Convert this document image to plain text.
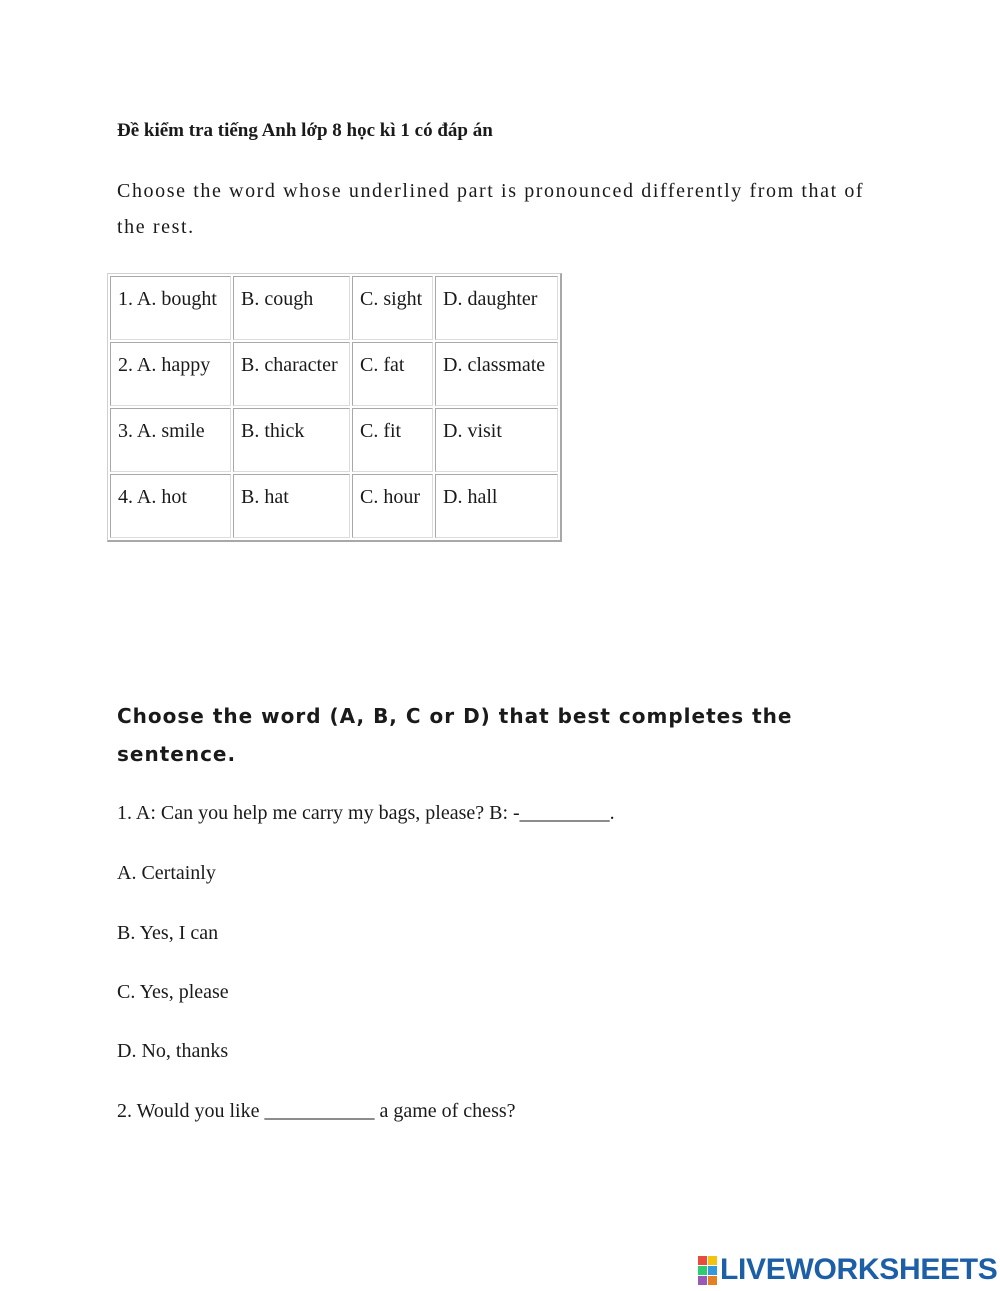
Đề kiểm tra tiếng Anh lớp 8 học kì 1 có đáp án
Choose the word whose underlined part is pronounced differently from that of the rest.
1. A. bought	B. cough	C. sight	D. daughter
2. A. happy	B. character	C. fat	D. classmate
3. A. smile	B. thick	C. fit	D. visit
4. A. hot	B. hat	C. hour	D. hall
Choose the word (A, B, C or D) that best completes the sentence.
1. A: Can you help me carry my bags, please? B: -_________.
A. Certainly
B. Yes, I can
C. Yes, please
D. No, thanks
2. Would you like ___________ a game of chess?
LIVEWORKSHEETS
